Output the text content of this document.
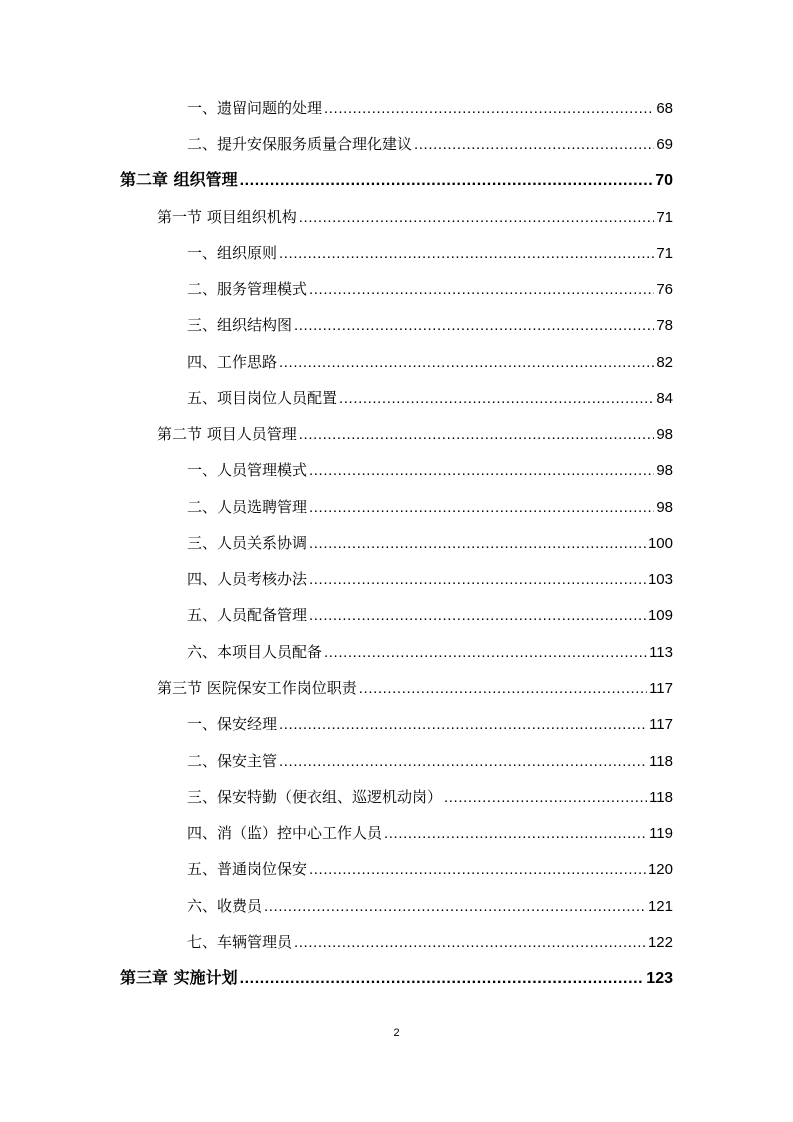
一、遗留问题的处理 .....	68
二、提升安保服务质量合理化建议 .....	69
第二章 组织管理 .....	70
第一节 项目组织机构 .....	71
一、组织原则 .....	71
二、服务管理模式 .....	76
三、组织结构图 .....	78
四、工作思路 .....	82
五、项目岗位人员配置 .....	84
第二节 项目人员管理 .....	98
一、人员管理模式 .....	98
二、人员选聘管理 .....	98
三、人员关系协调 .....	100
四、人员考核办法 .....	103
五、人员配备管理 .....	109
六、本项目人员配备 .....	113
第三节 医院保安工作岗位职责 .....	117
一、保安经理 .....	117
二、保安主管 .....	118
三、保安特勤（便衣组、巡逻机动岗） .....	118
四、消（监）控中心工作人员 .....	119
五、普通岗位保安 .....	120
六、收费员 .....	121
七、车辆管理员 .....	122
第三章 实施计划 .....	123
2
